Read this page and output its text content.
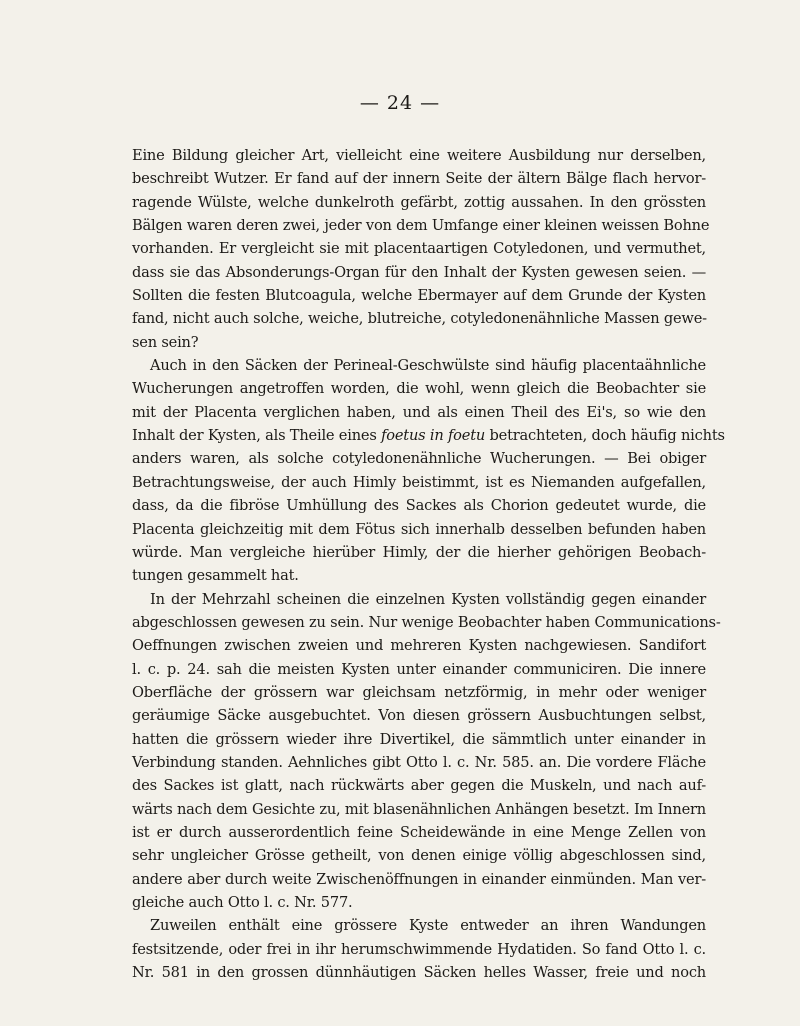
— 24 —
Eine Bildung gleicher Art, vielleicht eine weitere Ausbildung nur derselben,
beschreibt Wutzer. Er fand auf der innern Seite der ältern Bälge flach hervor-
ragende Wülste, welche dunkelroth gefärbt, zottig aussahen. In den grössten
Bälgen waren deren zwei, jeder von dem Umfange einer kleinen weissen Bohne
vorhanden. Er vergleicht sie mit placentaartigen Cotyledonen, und vermuthet,
dass sie das Absonderungs-Organ für den Inhalt der Kysten gewesen seien. —
Sollten die festen Blutcoagula, welche Ebermayer auf dem Grunde der Kysten
fand, nicht auch solche, weiche, blutreiche, cotyledonenähnliche Massen gewe-
sen sein?
Auch in den Säcken der Perineal-Geschwülste sind häufig placentaähnliche
Wucherungen angetroffen worden, die wohl, wenn gleich die Beobachter sie
mit der Placenta verglichen haben, und als einen Theil des Ei's, so wie den
Inhalt der Kysten, als Theile eines foetus in foetu betrachteten, doch häufig nichts
anders waren, als solche cotyledonenähnliche Wucherungen. — Bei obiger
Betrachtungsweise, der auch Himly beistimmt, ist es Niemanden aufgefallen,
dass, da die fibröse Umhüllung des Sackes als Chorion gedeutet wurde, die
Placenta gleichzeitig mit dem Fötus sich innerhalb desselben befunden haben
würde. Man vergleiche hierüber Himly, der die hierher gehörigen Beobach-
tungen gesammelt hat.
In der Mehrzahl scheinen die einzelnen Kysten vollständig gegen einander
abgeschlossen gewesen zu sein. Nur wenige Beobachter haben Communications-
Oeffnungen zwischen zweien und mehreren Kysten nachgewiesen. Sandifort
l. c. p. 24. sah die meisten Kysten unter einander communiciren. Die innere
Oberfläche der grössern war gleichsam netzförmig, in mehr oder weniger
geräumige Säcke ausgebuchtet. Von diesen grössern Ausbuchtungen selbst,
hatten die grössern wieder ihre Divertikel, die sämmtlich unter einander in
Verbindung standen. Aehnliches gibt Otto l. c. Nr. 585. an. Die vordere Fläche
des Sackes ist glatt, nach rückwärts aber gegen die Muskeln, und nach auf-
wärts nach dem Gesichte zu, mit blasenähnlichen Anhängen besetzt. Im Innern
ist er durch ausserordentlich feine Scheidewände in eine Menge Zellen von
sehr ungleicher Grösse getheilt, von denen einige völlig abgeschlossen sind,
andere aber durch weite Zwischenöffnungen in einander einmünden. Man ver-
gleiche auch Otto l. c. Nr. 577.
Zuweilen enthält eine grössere Kyste entweder an ihren Wandungen
festsitzende, oder frei in ihr herumschwimmende Hydatiden. So fand Otto l. c.
Nr. 581 in den grossen dünnhäutigen Säcken helles Wasser, freie und noch
